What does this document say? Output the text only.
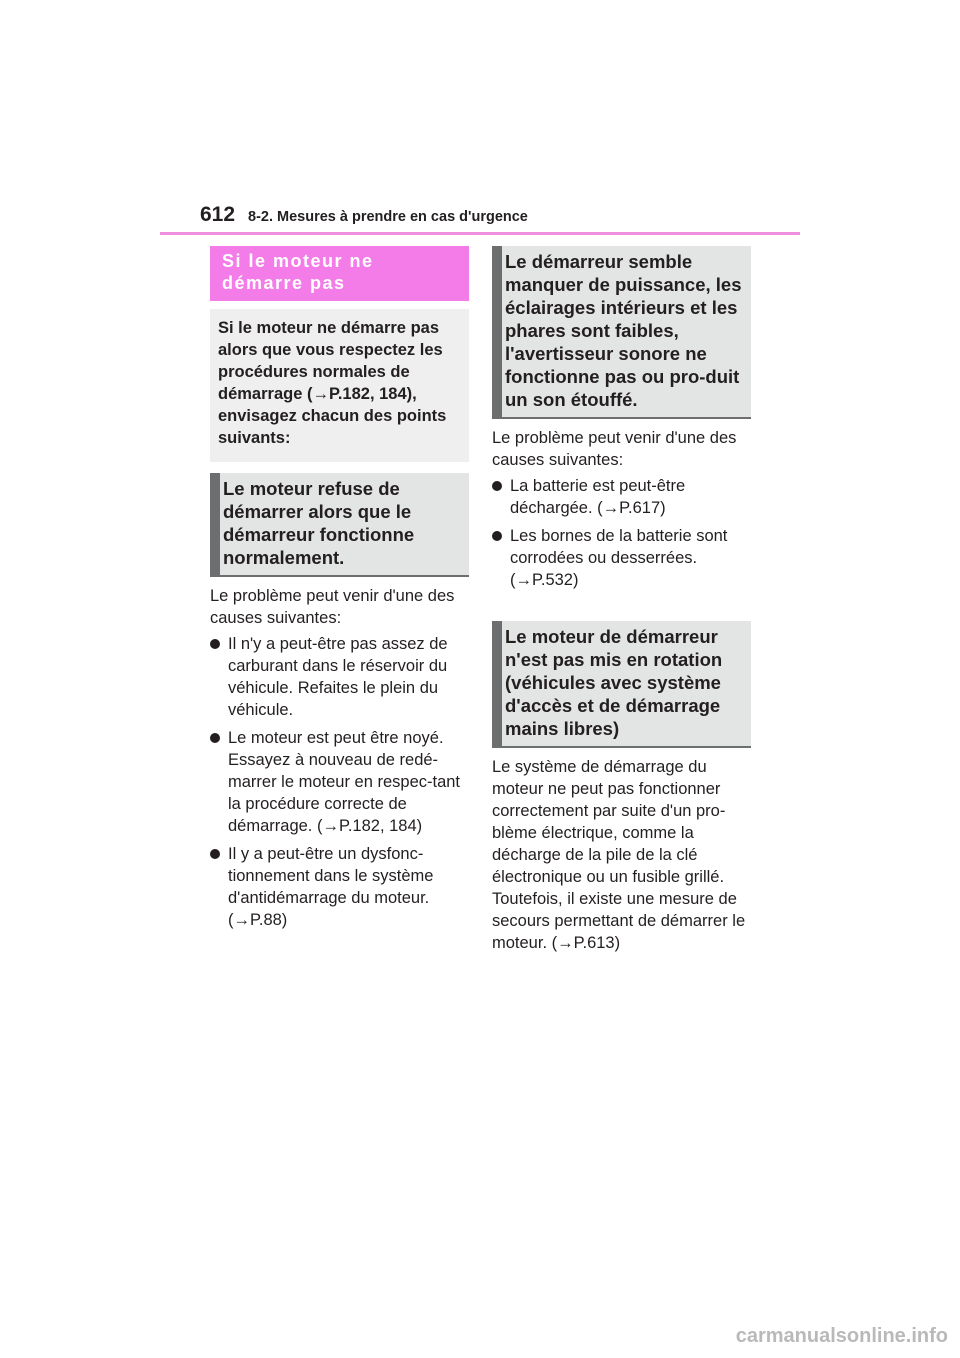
612 8-2. Mesures à prendre en cas d'urgence
Si le moteur ne démarre pas
Si le moteur ne démarre pas alors que vous respectez les procédures normales de démarrage (→P.182, 184), envisagez chacun des points suivants:
Le moteur refuse de démarrer alors que le démarreur fonctionne normalement.
Le problème peut venir d'une des causes suivantes:
Il n'y a peut-être pas assez de carburant dans le réservoir du véhicule. Refaites le plein du véhicule.
Le moteur est peut être noyé. Essayez à nouveau de redé-marrer le moteur en respec-tant la procédure correcte de démarrage. (→P.182, 184)
Il y a peut-être un dysfonc-tionnement dans le système d'antidémarrage du moteur. (→P.88)
Le démarreur semble manquer de puissance, les éclairages intérieurs et les phares sont faibles, l'avertisseur sonore ne fonctionne pas ou pro-duit un son étouffé.
Le problème peut venir d'une des causes suivantes:
La batterie est peut-être déchargée. (→P.617)
Les bornes de la batterie sont corrodées ou desserrées. (→P.532)
Le moteur de démarreur n'est pas mis en rotation (véhicules avec système d'accès et de démarrage mains libres)
Le système de démarrage du moteur ne peut pas fonctionner correctement par suite d'un pro-blème électrique, comme la décharge de la pile de la clé électronique ou un fusible grillé. Toutefois, il existe une mesure de secours permettant de démarrer le moteur. (→P.613)
carmanualsonline.info
